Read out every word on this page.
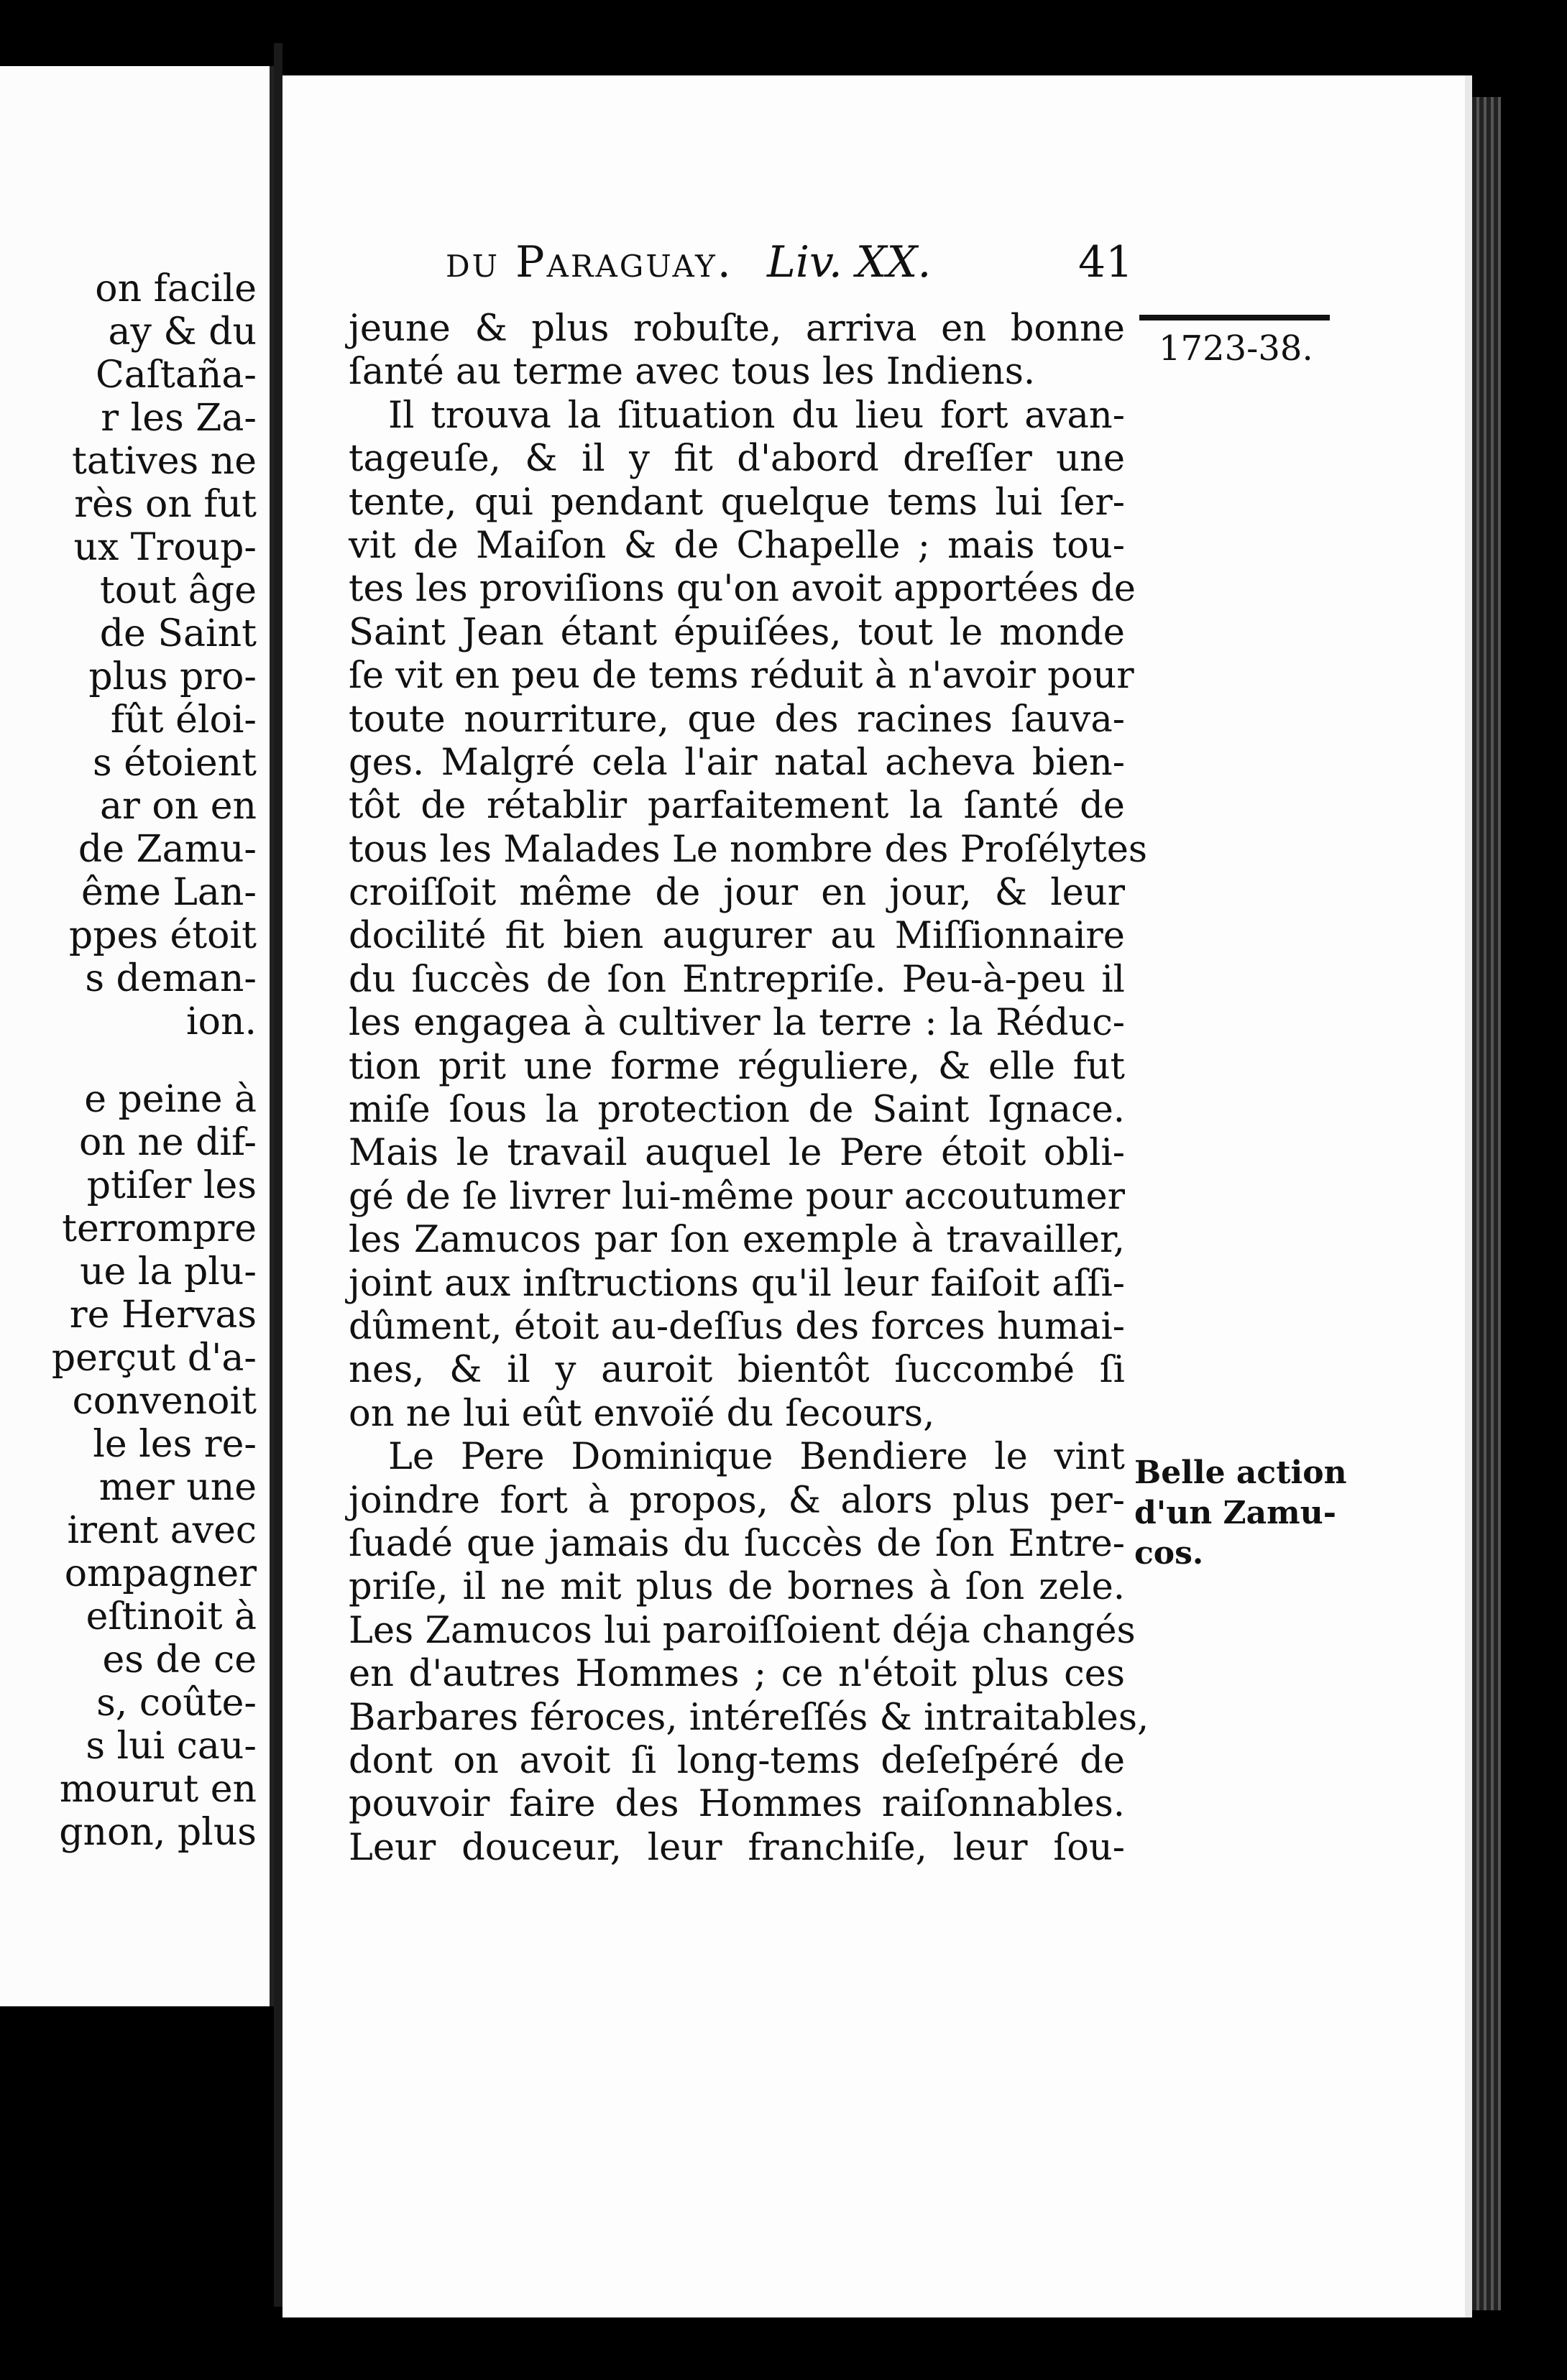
on facile
ay & du
Caſtaña-
r les Za-
tatives ne
rès on fut
ux Troup-
tout âge
de Saint
plus pro-
fût éloi-
s étoient
ar on en
de Zamu-
ême Lan-
ppes étoit
s deman-
ion.
e peine à
on ne dif-
ptiſer les
terrompre
ue la plu-
re Hervas
perçut d'a-
convenoit
le les re-
mer une
irent avec
ompagner
eſtinoit à
es de ce
s, coûte-
s lui cau-
mourut en
gnon, plus
du Paraguay. Liv. XX.	41
1723-38.
jeune & plus robuſte, arriva en bonne
ſanté au terme avec tous les Indiens.
Il trouva la ſituation du lieu fort avan-
tageuſe, & il y fit d'abord dreſſer une
tente, qui pendant quelque tems lui ſer-
vit de Maiſon & de Chapelle ; mais tou-
tes les proviſions qu'on avoit apportées de
Saint Jean étant épuiſées, tout le monde
ſe vit en peu de tems réduit à n'avoir pour
toute nourriture, que des racines ſauva-
ges. Malgré cela l'air natal acheva bien-
tôt de rétablir parfaitement la ſanté de
tous les Malades Le nombre des Proſélytes
croiſſoit même de jour en jour, & leur
docilité fit bien augurer au Miſſionnaire
du ſuccès de ſon Entrepriſe. Peu-à-peu il
les engagea à cultiver la terre : la Réduc-
tion prit une forme réguliere, & elle fut
miſe ſous la protection de Saint Ignace.
Mais le travail auquel le Pere étoit obli-
gé de ſe livrer lui-même pour accoutumer
les Zamucos par ſon exemple à travailler,
joint aux inſtructions qu'il leur faiſoit aſſi-
dûment, étoit au-deſſus des forces humai-
nes, & il y auroit bientôt ſuccombé ſi
on ne lui eût envoïé du ſecours,
Le Pere Dominique Bendiere le vint
joindre fort à propos, & alors plus per-
ſuadé que jamais du ſuccès de ſon Entre-
priſe, il ne mit plus de bornes à ſon zele.
Les Zamucos lui paroiſſoient déja changés
en d'autres Hommes ; ce n'étoit plus ces
Barbares féroces, intéreſſés & intraitables,
dont on avoit ſi long-tems deſeſpéré de
pouvoir faire des Hommes raiſonnables.
Leur douceur, leur franchiſe, leur ſou-
Belle action
d'un Zamu-
cos.
